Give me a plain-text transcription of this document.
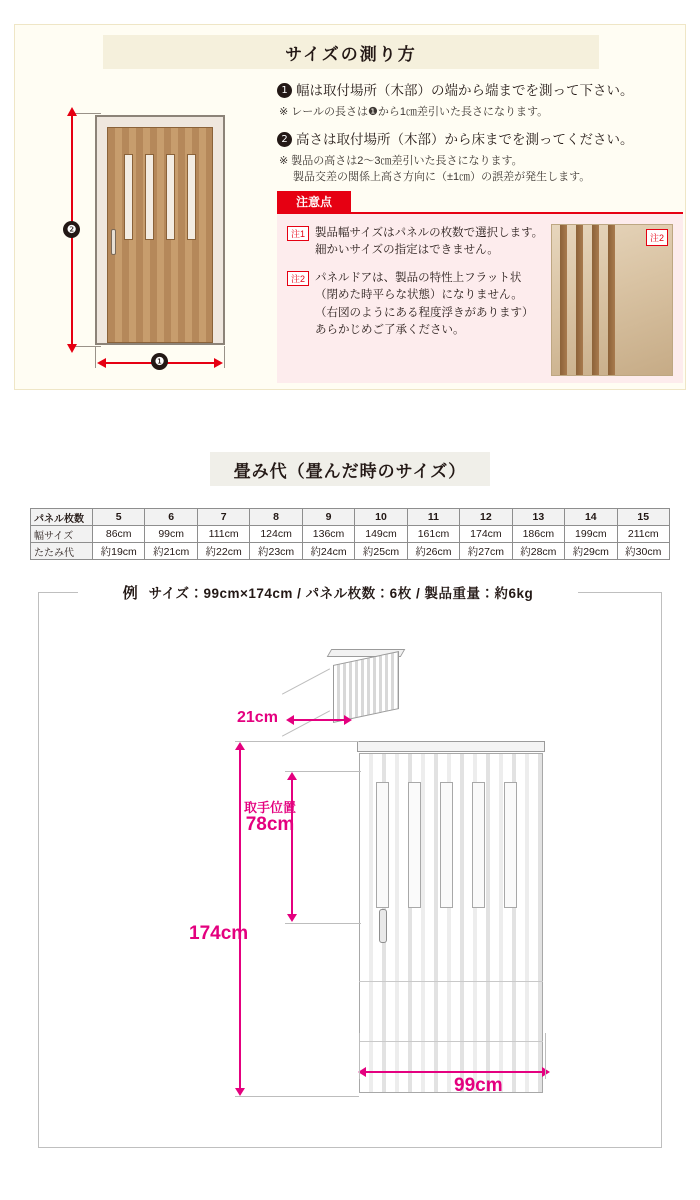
サイズの測り方
❷
❶

1 幅は取付場所（木部）の端から端までを測って下さい。

※ レールの長さは❶から1㎝差引いた長さになります。

2 高さは取付場所（木部）から床までを測ってください。

※ 製品の高さは2～3㎝差引いた長さになります。
製品交差の関係上高さ方向に（±1㎝）の誤差が発生します。

注意点
注1 製品幅サイズはパネルの枚数で選択します。細かいサイズの指定はできません。
注2 パネルドアは、製品の特性上フラット状（閉めた時平らな状態）になりません。（右図のようにある程度浮きがあります）あらかじめご了承ください。
注2
畳み代（畳んだ時のサイズ）
パネル枚数	5	6	7	8	9	10	11	12	13	14	15
幅サイズ	86cm	99cm	111cm	124cm	136cm	149cm	161cm	174cm	186cm	199cm	211cm
たたみ代	約19cm	約21cm	約22cm	約23cm	約24cm	約25cm	約26cm	約27cm	約28cm	約29cm	約30cm
21cm
174cm
99cm
取手位置
78cm
例 サイズ：99cm×174cm / パネル枚数：6枚 / 製品重量：約6kg
